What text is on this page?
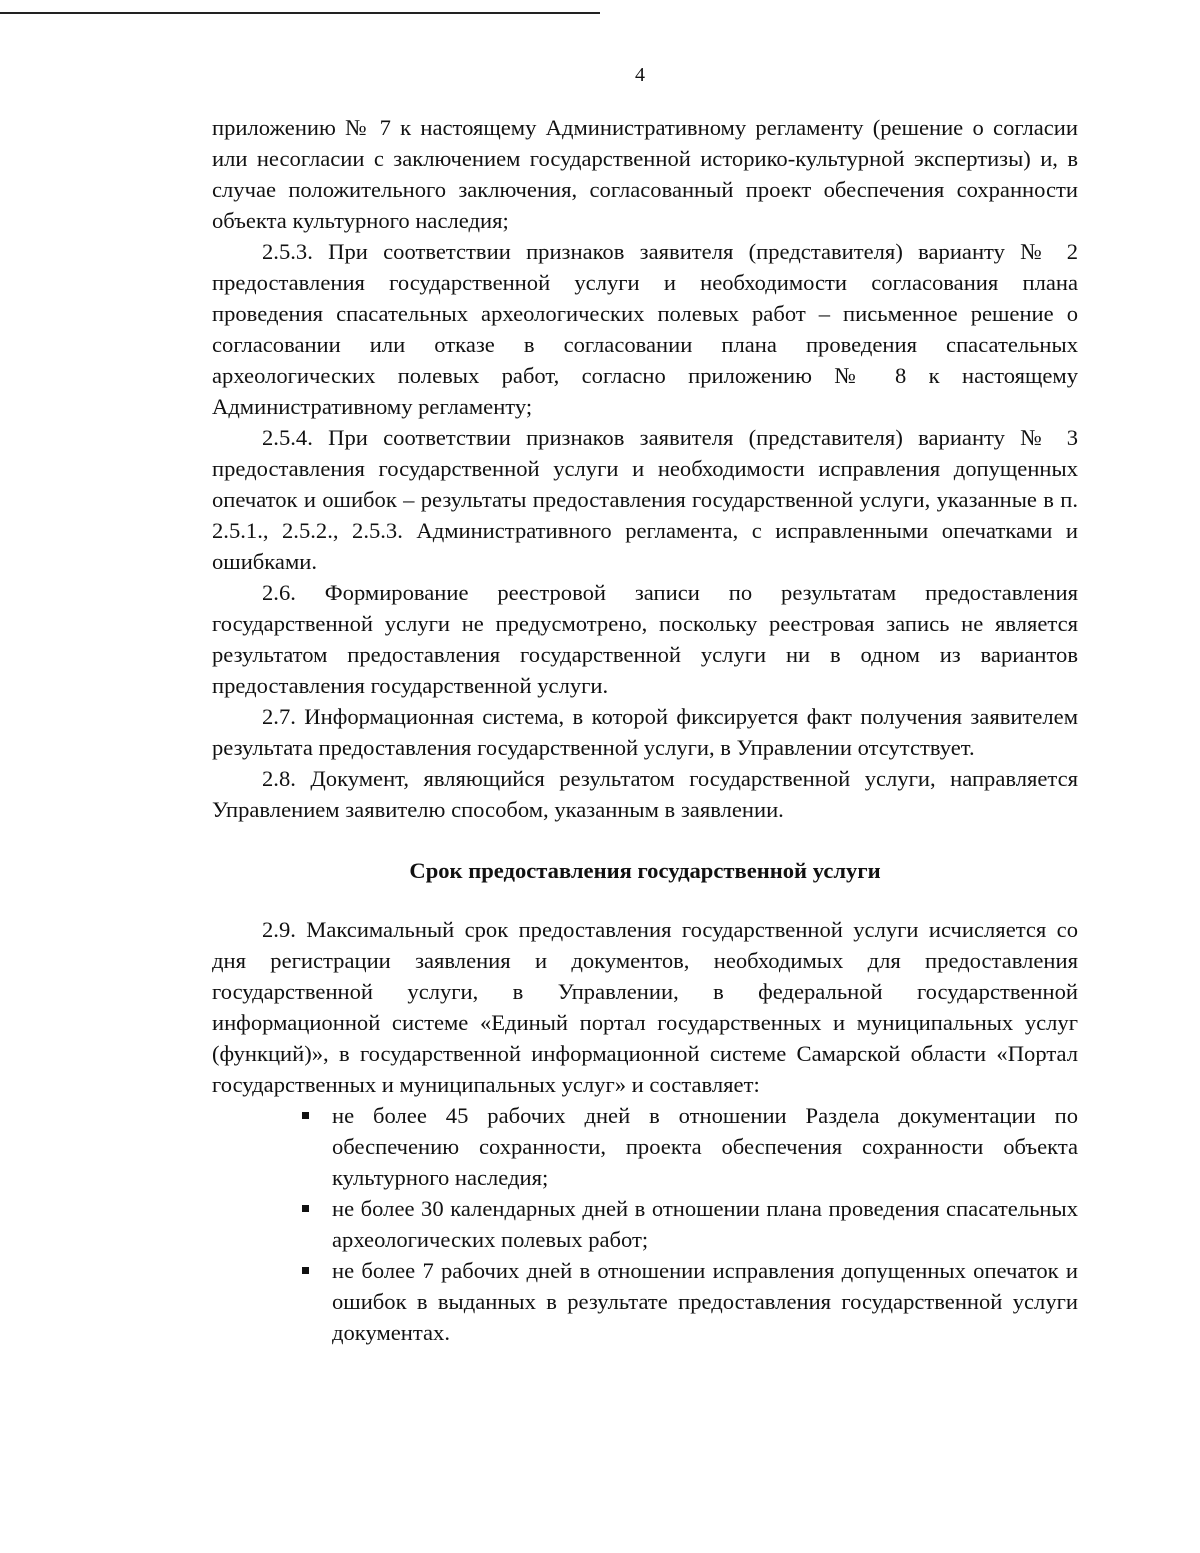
4

приложению № 7 к настоящему Административному регламенту (решение о согласии или несогласии с заключением государственной историко-культурной экспертизы) и, в случае положительного заключения, согласованный проект обеспечения сохранности объекта культурного наследия;

2.5.3. При соответствии признаков заявителя (представителя) варианту № 2 предоставления государственной услуги и необходимости согласования плана проведения спасательных археологических полевых работ – письменное решение о согласовании или отказе в согласовании плана проведения спасательных археологических полевых работ, согласно приложению № 8 к настоящему Административному регламенту;

2.5.4. При соответствии признаков заявителя (представителя) варианту № 3 предоставления государственной услуги и необходимости исправления допущенных опечаток и ошибок – результаты предоставления государственной услуги, указанные в п. 2.5.1., 2.5.2., 2.5.3. Административного регламента, с исправленными опечатками и ошибками.

2.6. Формирование реестровой записи по результатам предоставления государственной услуги не предусмотрено, поскольку реестровая запись не является результатом предоставления государственной услуги ни в одном из вариантов предоставления государственной услуги.

2.7. Информационная система, в которой фиксируется факт получения заявителем результата предоставления государственной услуги, в Управлении отсутствует.

2.8. Документ, являющийся результатом государственной услуги, направляется Управлением заявителю способом, указанным в заявлении.

Срок предоставления государственной услуги

2.9. Максимальный срок предоставления государственной услуги исчисляется со дня регистрации заявления и документов, необходимых для предоставления государственной услуги, в Управлении, в федеральной государственной информационной системе «Единый портал государственных и муниципальных услуг (функций)», в государственной информационной системе Самарской области «Портал государственных и муниципальных услуг» и составляет:

не более 45 рабочих дней в отношении Раздела документации по обеспечению сохранности, проекта обеспечения сохранности объекта культурного наследия;
не более 30 календарных дней в отношении плана проведения спасательных археологических полевых работ;
не более 7 рабочих дней в отношении исправления допущенных опечаток и ошибок в выданных в результате предоставления государственной услуги документах.
